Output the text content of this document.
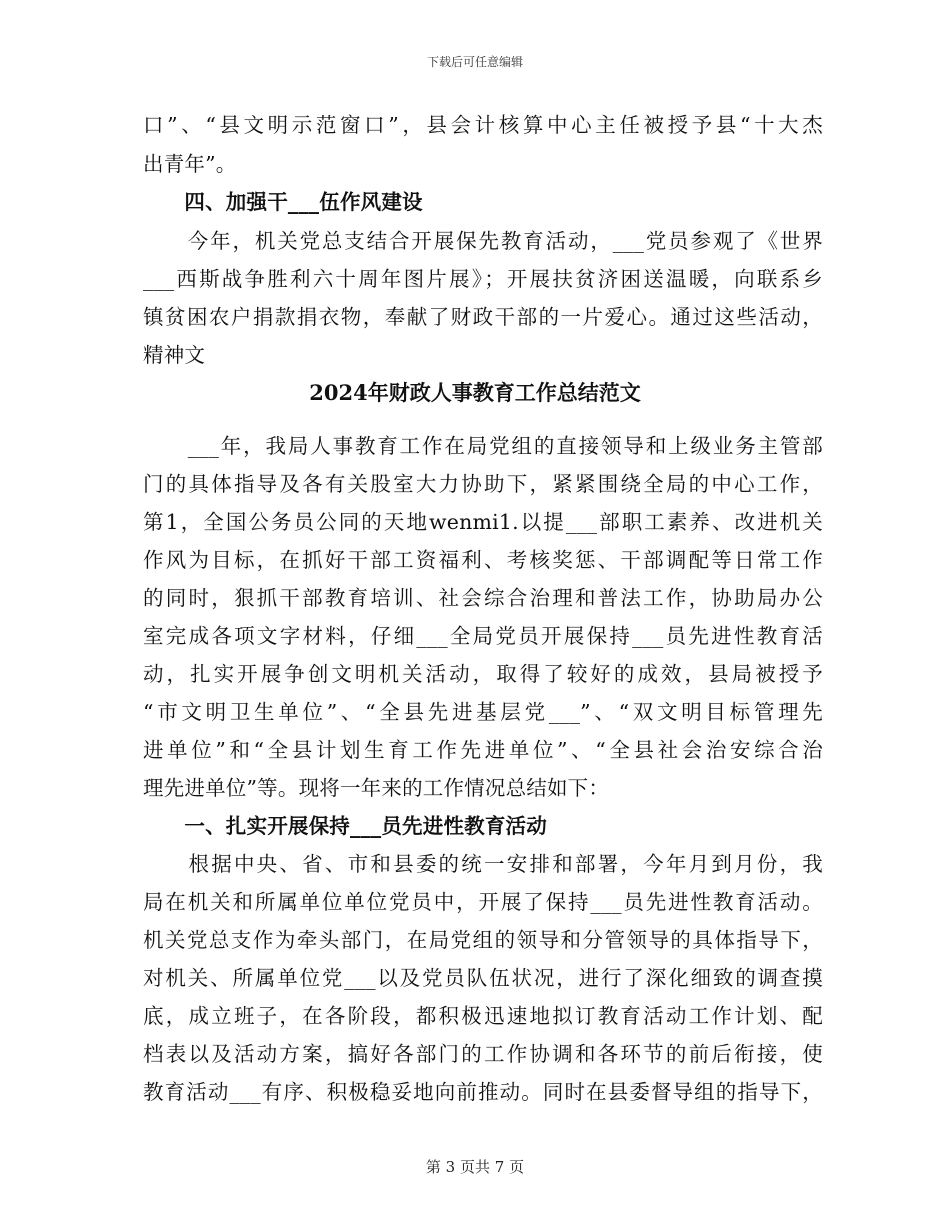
下载后可任意编辑
口”、“县文明示范窗口”，县会计核算中心主任被授予县“十大杰
出青年”。
　　四、加强干___伍作风建设
　　今年，机关党总支结合开展保先教育活动，___党员参观了《世界
___西斯战争胜利六十周年图片展》；开展扶贫济困送温暖，向联系乡
镇贫困农户捐款捐衣物，奉献了财政干部的一片爱心。通过这些活动，
精神文
2024年财政人事教育工作总结范文
　　___年，我局人事教育工作在局党组的直接领导和上级业务主管部
门的具体指导及各有关股室大力协助下，紧紧围绕全局的中心工作，
第1，全国公务员公同的天地wenmi1.以提___部职工素养、改进机关
作风为目标，在抓好干部工资福利、考核奖惩、干部调配等日常工作
的同时，狠抓干部教育培训、社会综合治理和普法工作，协助局办公
室完成各项文字材料，仔细___全局党员开展保持___员先进性教育活
动，扎实开展争创文明机关活动，取得了较好的成效，县局被授予
“市文明卫生单位”、“全县先进基层党___”、“双文明目标管理先
进单位”和“全县计划生育工作先进单位”、“全县社会治安综合治
理先进单位”等。现将一年来的工作情况总结如下：
　　一、扎实开展保持___员先进性教育活动
　　根据中央、省、市和县委的统一安排和部署，今年月到月份，我
局在机关和所属单位单位党员中，开展了保持___员先进性教育活动。
机关党总支作为牵头部门，在局党组的领导和分管领导的具体指导下，
对机关、所属单位党___以及党员队伍状况，进行了深化细致的调查摸
底，成立班子，在各阶段，都积极迅速地拟订教育活动工作计划、配
档表以及活动方案，搞好各部门的工作协调和各环节的前后衔接，使
教育活动___有序、积极稳妥地向前推动。同时在县委督导组的指导下，
第 3 页共 7 页
